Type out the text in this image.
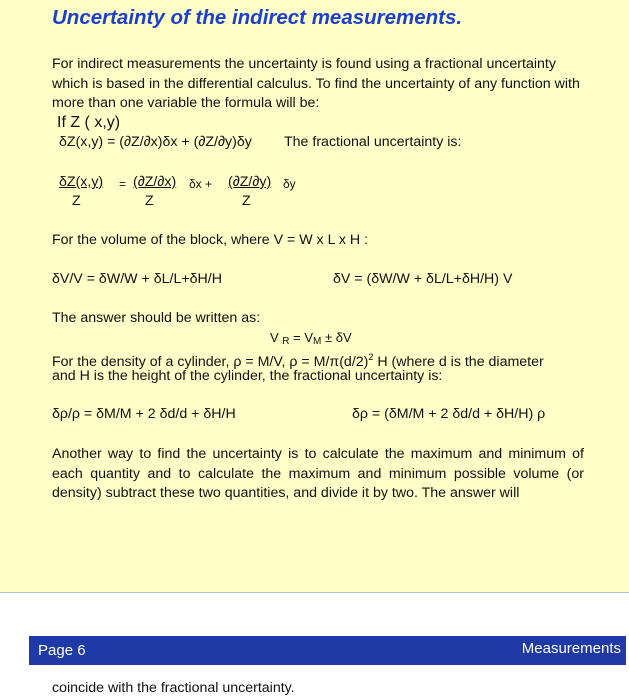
Uncertainty of the indirect measurements.
For indirect measurements the uncertainty is found using a fractional uncertainty which is based in the differential calculus. To find the uncertainty of any function with more than one variable the formula will be:
If Z ( x,y)
δZ(x,y) = (∂Z/∂x)δx + (∂Z/∂y)δy The fractional uncertainty is:
δZ(x,y) = (∂Z/∂x) δx + (∂Z/∂y) δy
Z	Z	Z
For the volume of the block, where V = W x L x H :
δV/V = δW/W + δL/L+δH/H	δV = (δW/W + δL/L+δH/H) V
The answer should be written as:
V $_R = V_M \pm \delta V$
For the density of a cylinder, ρ = M/V, $\rho = M/\pi(d/2)^2$ H (where d is the diameter
and H is the height of the cylinder, the fractional uncertainty is:
δρ/ρ = δM/M + 2 δd/d + δH/H	δρ = (δM/M + 2 δd/d + δH/H) ρ
Another way to find the uncertainty is to calculate the maximum and minimum of each quantity and to calculate the maximum and minimum possible volume (or density) subtract these two quantities, and divide it by two. The answer will
Page 6	Measurements
coincide with the fractional uncertainty.
